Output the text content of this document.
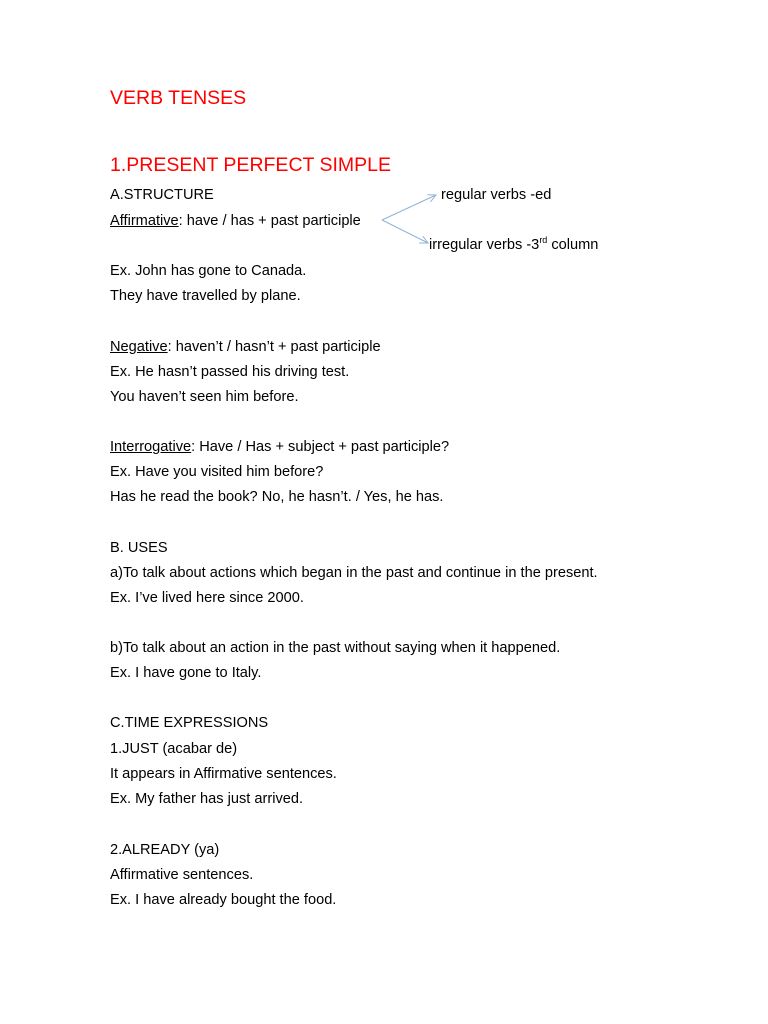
VERB TENSES
1.PRESENT PERFECT SIMPLE
A.STRUCTURE	regular verbs -ed
Affirmative: have / has + past participle
irregular verbs -3rd column
Ex. John has gone to Canada.
They have travelled by plane.
Negative: haven’t / hasn’t + past participle
Ex. He hasn’t passed his driving test.
You haven’t seen him before.
Interrogative: Have / Has + subject + past participle?
Ex. Have you visited him before?
Has he read the book? No, he hasn’t. / Yes, he has.
B. USES
a)To talk about actions which began in the past and continue in the present.
Ex. I’ve lived here since 2000.
b)To talk about an action in the past without saying when it happened.
Ex. I have gone to Italy.
C.TIME EXPRESSIONS
1.JUST (acabar de)
It appears in Affirmative sentences.
Ex. My father has just arrived.
2.ALREADY (ya)
Affirmative sentences.
Ex. I have already bought the food.
